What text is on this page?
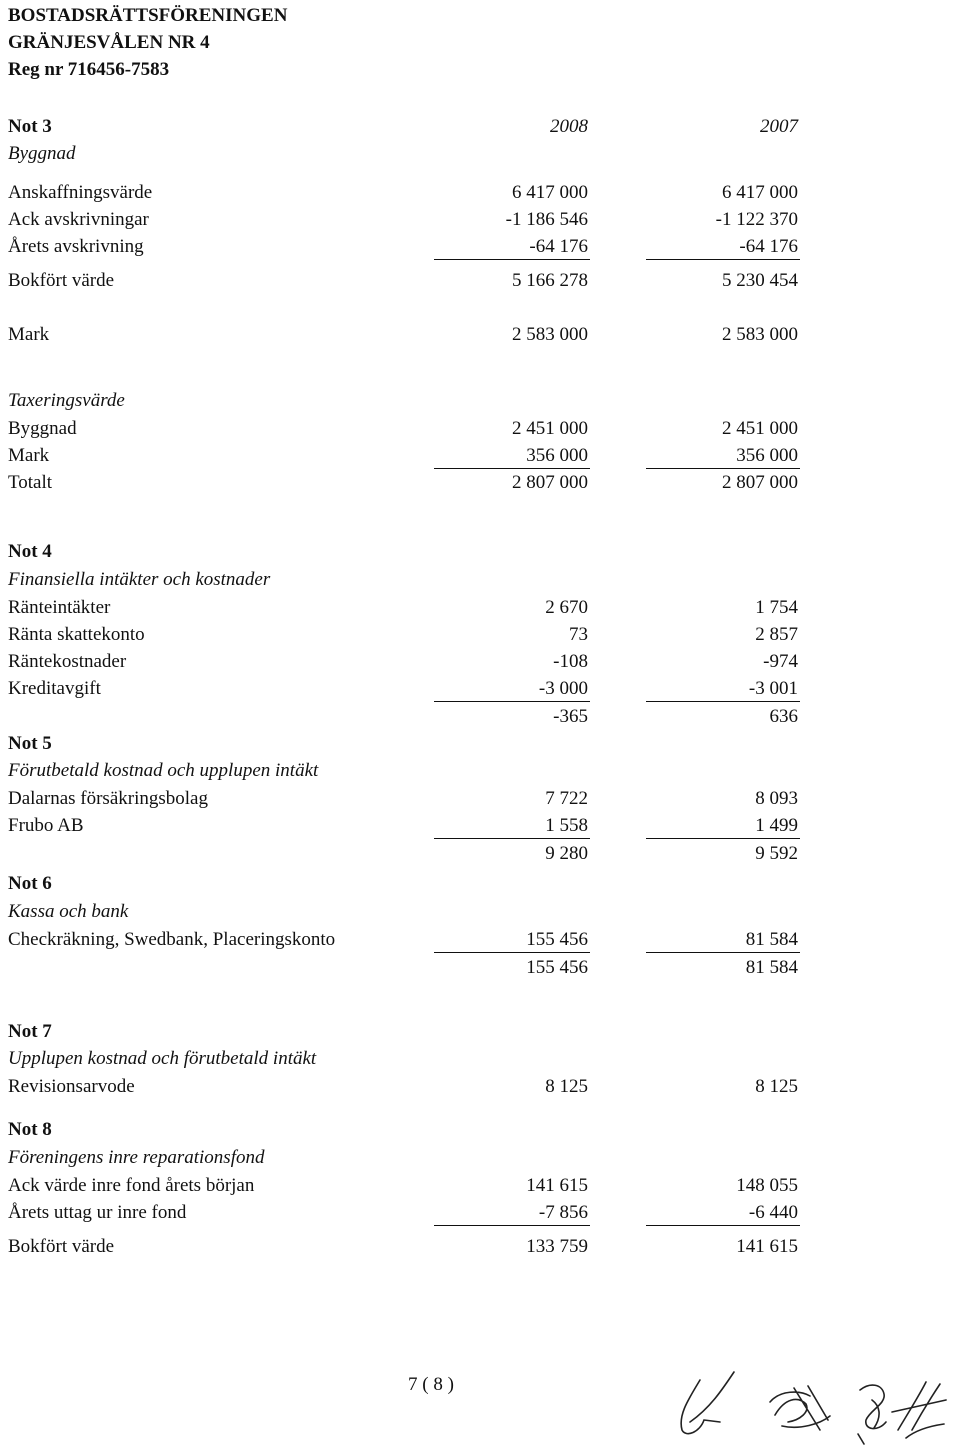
BOSTADSRÄTTSFÖRENINGEN
GRÄNJESVÅLEN NR 4
Reg nr 716456-7583
Not 3	2008	2007
Byggnad
Anskaffningsvärde	6 417 000	6 417 000
Ack avskrivningar	-1 186 546	-1 122 370
Årets avskrivning	-64 176	-64 176
Bokfört värde	5 166 278	5 230 454
Mark	2 583 000	2 583 000
Taxeringsvärde
Byggnad	2 451 000	2 451 000
Mark	356 000	356 000
Totalt	2 807 000	2 807 000
Not 4
Finansiella intäkter och kostnader
Ränteintäkter	2 670	1 754
Ränta skattekonto	73	2 857
Räntekostnader	-108	-974
Kreditavgift	-3 000	-3 001
-365	636
Not 5
Förutbetald kostnad och upplupen intäkt
Dalarnas försäkringsbolag	7 722	8 093
Frubo AB	1 558	1 499
9 280	9 592
Not 6
Kassa och bank
Checkräkning, Swedbank, Placeringskonto	155 456	81 584
155 456	81 584
Not 7
Upplupen kostnad och förutbetald intäkt
Revisionsarvode	8 125	8 125
Not 8
Föreningens inre reparationsfond
Ack värde inre fond årets början	141 615	148 055
Årets uttag ur inre fond	-7 856	-6 440
Bokfört värde	133 759	141 615
7 ( 8 )
